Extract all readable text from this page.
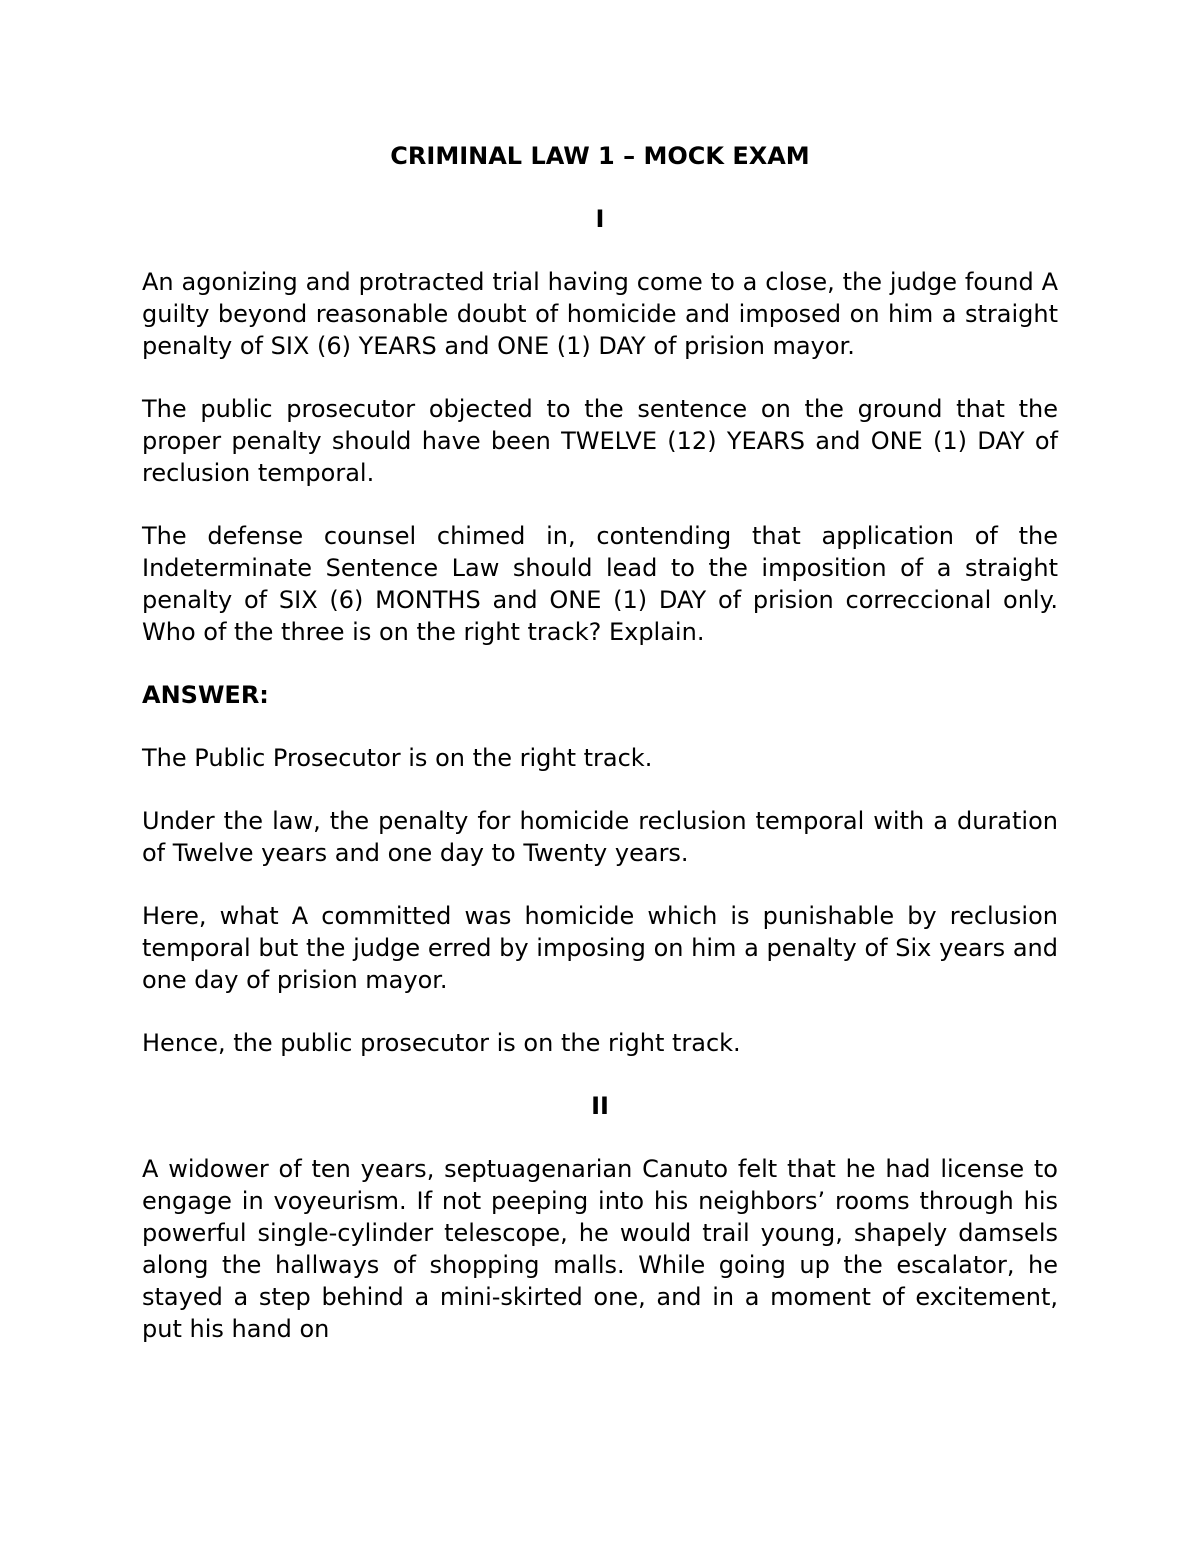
CRIMINAL LAW 1 – MOCK EXAM
I

An agonizing and protracted trial having come to a close, the judge found A guilty beyond reasonable doubt of homicide and imposed on him a straight penalty of SIX (6) YEARS and ONE (1) DAY of prision mayor.

The public prosecutor objected to the sentence on the ground that the proper penalty should have been TWELVE (12) YEARS and ONE (1) DAY of reclusion temporal.

The defense counsel chimed in, contending that application of the Indeterminate Sentence Law should lead to the imposition of a straight penalty of SIX (6) MONTHS and ONE (1) DAY of prision correccional only. Who of the three is on the right track? Explain.

ANSWER:

The Public Prosecutor is on the right track.

Under the law, the penalty for homicide reclusion temporal with a duration of Twelve years and one day to Twenty years.

Here, what A committed was homicide which is punishable by reclusion temporal but the judge erred by imposing on him a penalty of Six years and one day of prision mayor.

Hence, the public prosecutor is on the right track.

II

A widower of ten years, septuagenarian Canuto felt that he had license to engage in voyeurism. If not peeping into his neighbors’ rooms through his powerful single-cylinder telescope, he would trail young, shapely damsels along the hallways of shopping malls. While going up the escalator, he stayed a step behind a mini-skirted one, and in a moment of excitement, put his hand on
